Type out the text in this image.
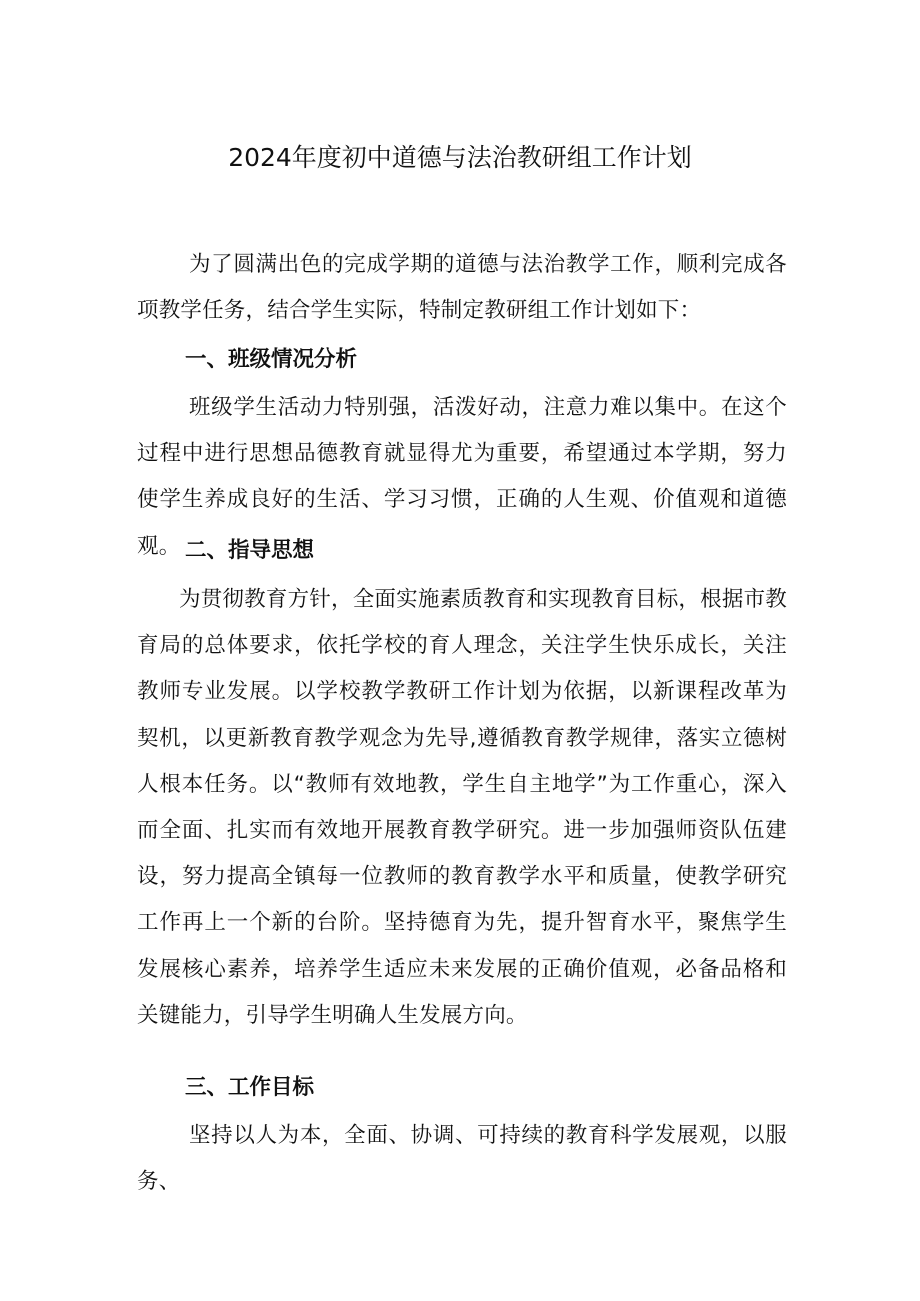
2024年度初中道德与法治教研组工作计划
为了圆满出色的完成学期的道德与法治教学工作，顺利完成各项教学任务，结合学生实际，特制定教研组工作计划如下：
一、班级情况分析
班级学生活动力特别强，活泼好动，注意力难以集中。在这个过程中进行思想品德教育就显得尤为重要，希望通过本学期，努力使学生养成良好的生活、学习习惯，正确的人生观、价值观和道德观。 二、指导思想
为贯彻教育方针，全面实施素质教育和实现教育目标，根据市教育局的总体要求，依托学校的育人理念，关注学生快乐成长，关注教师专业发展。以学校教学教研工作计划为依据，以新课程改革为契机，以更新教育教学观念为先导,遵循教育教学规律，落实立德树人根本任务。以“教师有效地教，学生自主地学”为工作重心，深入而全面、扎实而有效地开展教育教学研究。进一步加强师资队伍建设，努力提高全镇每一位教师的教育教学水平和质量，使教学研究工作再上一个新的台阶。坚持德育为先，提升智育水平，聚焦学生发展核心素养，培养学生适应未来发展的正确价值观，必备品格和关键能力，引导学生明确人生发展方向。
三、工作目标
坚持以人为本，全面、协调、可持续的教育科学发展观，以服务、
